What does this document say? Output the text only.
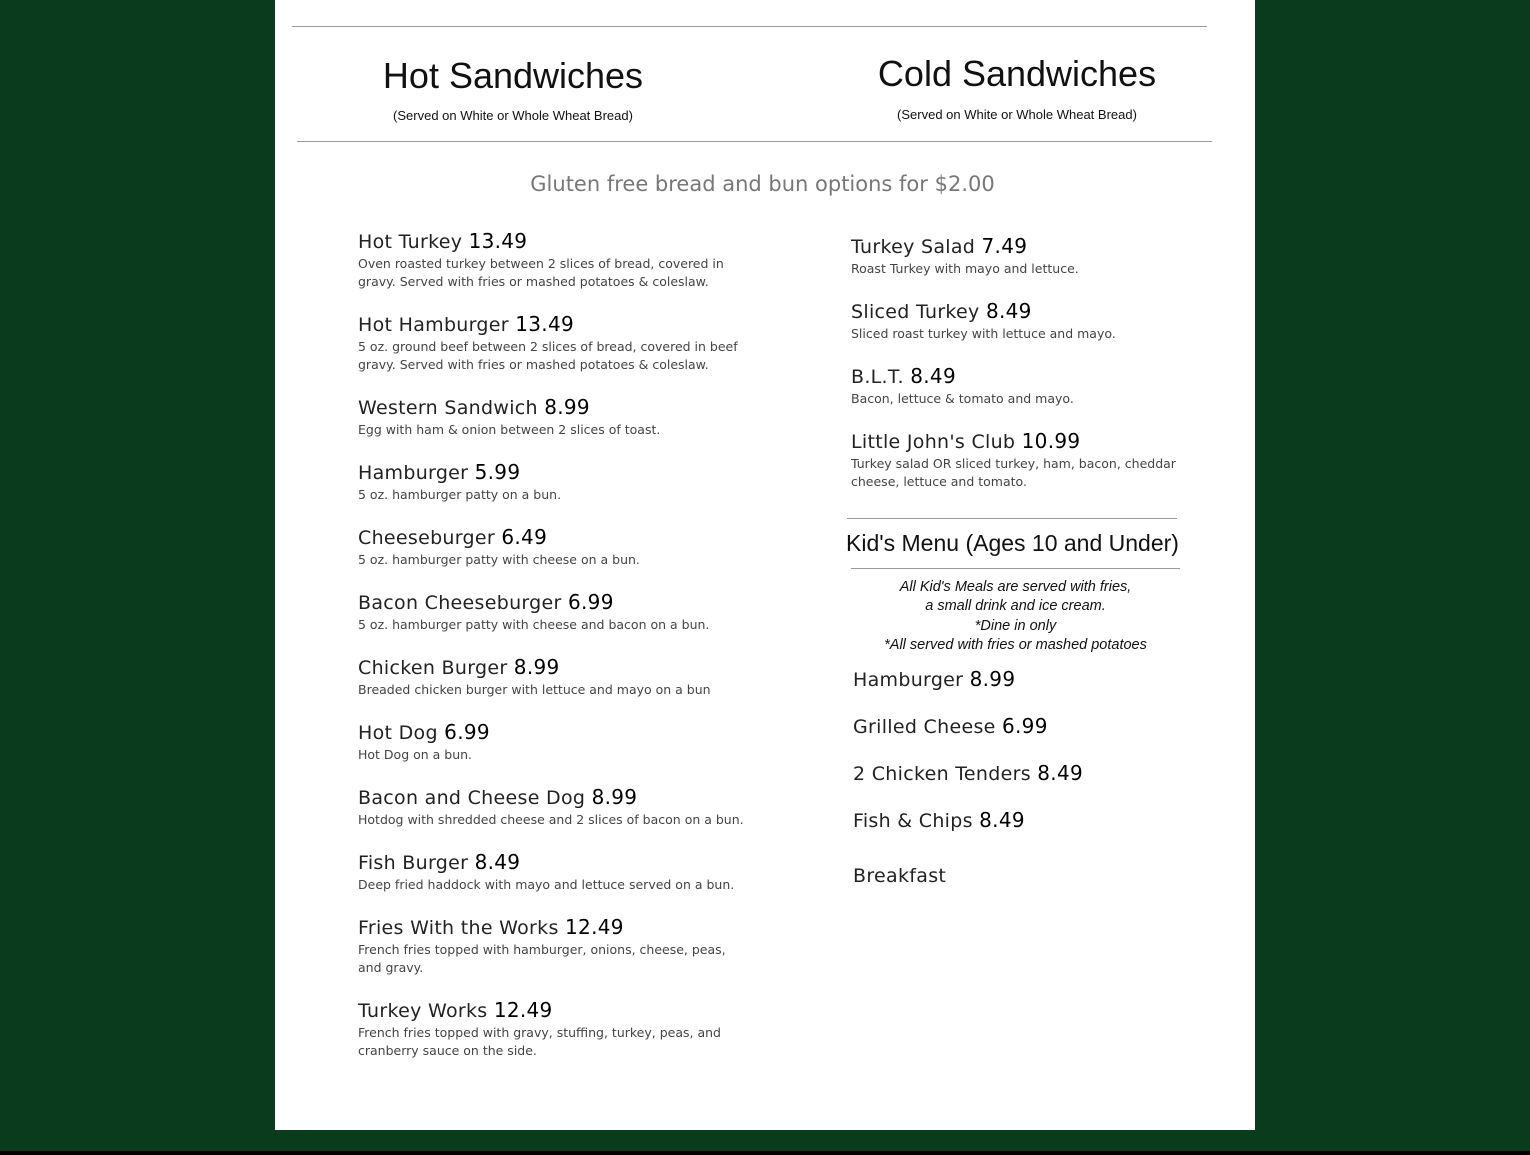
Hot Sandwiches
(Served on White or Whole Wheat Bread)
Cold Sandwiches
(Served on White or Whole Wheat Bread)
Gluten free bread and bun options for $2.00
Hot Turkey 13.49
Oven roasted turkey between 2 slices of bread, covered in gravy. Served with fries or mashed potatoes & coleslaw.
Hot Hamburger 13.49
5 oz. ground beef between 2 slices of bread, covered in beef gravy. Served with fries or mashed potatoes & coleslaw.
Western Sandwich 8.99
Egg with ham & onion between 2 slices of toast.
Hamburger 5.99
5 oz. hamburger patty on a bun.
Cheeseburger 6.49
5 oz. hamburger patty with cheese on a bun.
Bacon Cheeseburger 6.99
5 oz. hamburger patty with cheese and bacon on a bun.
Chicken Burger 8.99
Breaded chicken burger with lettuce and mayo on a bun
Hot Dog 6.99
Hot Dog on a bun.
Bacon and Cheese Dog 8.99
Hotdog with shredded cheese and 2 slices of bacon on a bun.
Fish Burger 8.49
Deep fried haddock with mayo and lettuce served on a bun.
Fries With the Works 12.49
French fries topped with hamburger, onions, cheese, peas, and gravy.
Turkey Works 12.49
French fries topped with gravy, stuffing, turkey, peas, and cranberry sauce on the side.
Turkey Salad 7.49
Roast Turkey with mayo and lettuce.
Sliced Turkey 8.49
Sliced roast turkey with lettuce and mayo.
B.L.T. 8.49
Bacon, lettuce & tomato and mayo.
Little John's Club 10.99
Turkey salad OR sliced turkey, ham, bacon, cheddar cheese, lettuce and tomato.
Kid's Menu (Ages 10 and Under)
All Kid's Meals are served with fries,
a small drink and ice cream.
*Dine in only
*All served with fries or mashed potatoes
Hamburger 8.99
Grilled Cheese 6.99
2 Chicken Tenders 8.49
Fish & Chips 8.49
Breakfast
